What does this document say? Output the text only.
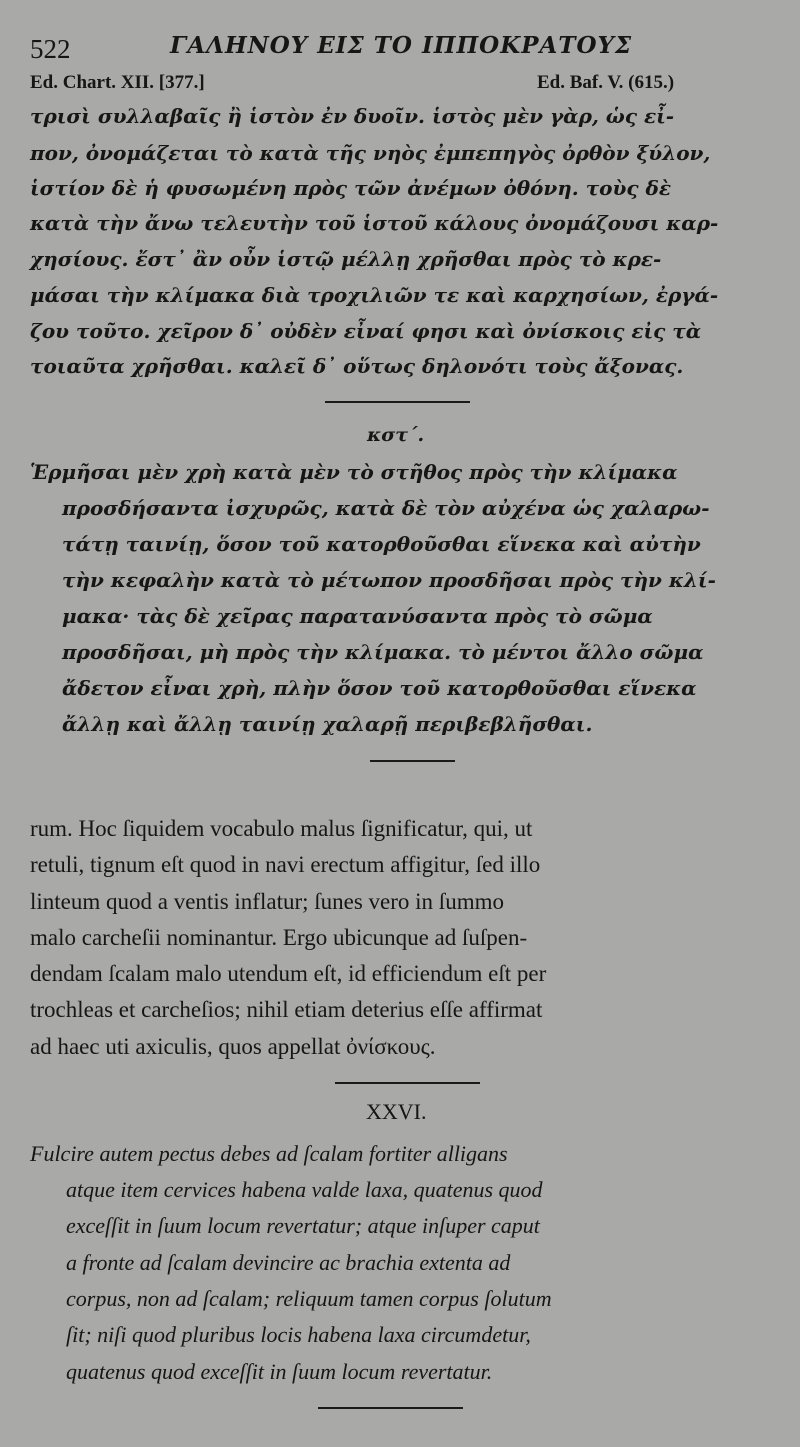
522	ΓΑΛΗΝΟΥ ΕΙΣ ΤΟ ΙΠΠΟΚΡΑΤΟΥΣ
Ed. Chart. XII. [377.]	Ed. Baf. V. (615.)
τρισὶ συλλαβαῖς ἢ ἱστὸν ἐν δυοῖν. ἱστὸς μὲν γὰρ, ὡς εἶ-
πον, ὀνομάζεται τὸ κατὰ τῆς νηὸς ἐμπεπηγὸς ὀρθὸν ξύλον,
ἱστίον δὲ ἡ φυσωμένη πρὸς τῶν ἀνέμων ὀθόνη. τοὺς δὲ
κατὰ τὴν ἄνω τελευτὴν τοῦ ἱστοῦ κάλους ὀνομάζουσι καρ-
χησίους. ἔστ᾿ ἂν οὖν ἱστῷ μέλλῃ χρῆσθαι πρὸς τὸ κρε-
μάσαι τὴν κλίμακα διὰ τροχιλιῶν τε καὶ καρχησίων, ἐργά-
ζου τοῦτο. χεῖρον δ᾿ οὐδὲν εἶναί φησι καὶ ὀνίσκοις εἰς τὰ
τοιαῦτα χρῆσθαι. καλεῖ δ᾿ οὕτως δηλονότι τοὺς ἄξονας.
κστ΄.
Ἑρμῆσαι μὲν χρὴ κατὰ μὲν τὸ στῆθος πρὸς τὴν κλίμακα
προσδήσαντα ἰσχυρῶς, κατὰ δὲ τὸν αὐχένα ὡς χαλαρω-
τάτῃ ταινίῃ, ὅσον τοῦ κατορθοῦσθαι εἵνεκα καὶ αὐτὴν
τὴν κεφαλὴν κατὰ τὸ μέτωπον προσδῆσαι πρὸς τὴν κλί-
μακα· τὰς δὲ χεῖρας παρατανύσαντα πρὸς τὸ σῶμα
προσδῆσαι, μὴ πρὸς τὴν κλίμακα. τὸ μέντοι ἄλλο σῶμα
ἄδετον εἶναι χρὴ, πλὴν ὅσον τοῦ κατορθοῦσθαι εἵνεκα
ἄλλῃ καὶ ἄλλῃ ταινίῃ χαλαρῇ περιβεβλῆσθαι.
rum. Hoc ſiquidem vocabulo malus ſignificatur, qui, ut
retuli, tignum eſt quod in navi erectum affigitur, ſed illo
linteum quod a ventis inflatur; ſunes vero in ſummo
malo carcheſii nominantur. Ergo ubicunque ad ſuſpen-
dendam ſcalam malo utendum eſt, id efficiendum eſt per
trochleas et carcheſios; nihil etiam deterius eſſe affirmat
ad haec uti axiculis, quos appellat ὀνίσκους.
XXVI.
Fulcire autem pectus debes ad ſcalam fortiter alligans
atque item cervices habena valde laxa, quatenus quod
exceſſit in ſuum locum revertatur; atque inſuper caput
a fronte ad ſcalam devincire ac brachia extenta ad
corpus, non ad ſcalam; reliquum tamen corpus ſolutum
ſit; niſi quod pluribus locis habena laxa circumdetur,
quatenus quod exceſſit in ſuum locum revertatur.
